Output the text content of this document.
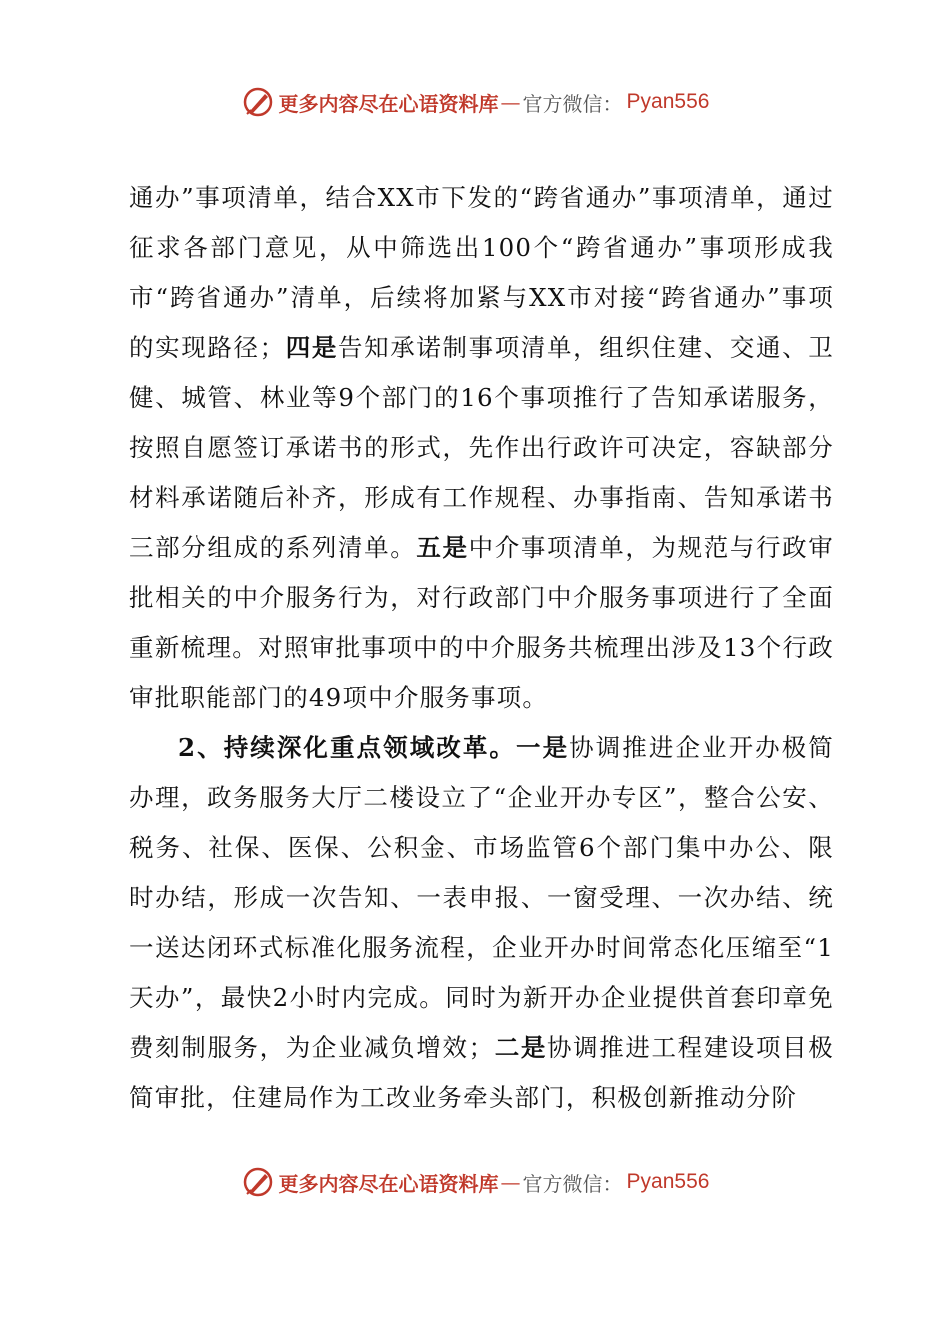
更多内容尽在心语资料库 — 官方微信： Pyan556

通办”事项清单，结合XX市下发的“跨省通办”事项清单，通过征求各部门意见，从中筛选出100个“跨省通办”事项形成我市“跨省通办”清单，后续将加紧与XX市对接“跨省通办”事项的实现路径；四是告知承诺制事项清单，组织住建、交通、卫健、城管、林业等9个部门的16个事项推行了告知承诺服务，按照自愿签订承诺书的形式，先作出行政许可决定，容缺部分材料承诺随后补齐，形成有工作规程、办事指南、告知承诺书三部分组成的系列清单。五是中介事项清单，为规范与行政审批相关的中介服务行为，对行政部门中介服务事项进行了全面重新梳理。对照审批事项中的中介服务共梳理出涉及13个行政审批职能部门的49项中介服务事项。

2、持续深化重点领域改革。一是协调推进企业开办极简办理，政务服务大厅二楼设立了“企业开办专区”，整合公安、税务、社保、医保、公积金、市场监管6个部门集中办公、限时办结，形成一次告知、一表申报、一窗受理、一次办结、统一送达闭环式标准化服务流程，企业开办时间常态化压缩至“1天办”，最快2小时内完成。同时为新开办企业提供首套印章免费刻制服务，为企业减负增效；二是协调推进工程建设项目极简审批，住建局作为工改业务牵头部门，积极创新推动分阶

更多内容尽在心语资料库 — 官方微信： Pyan556
